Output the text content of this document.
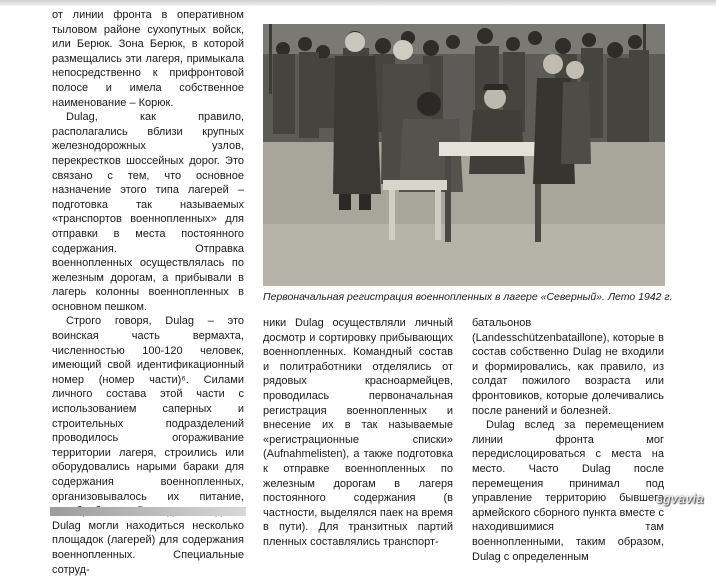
от линии фронта в оперативном тыловом районе сухопутных войск, или Берюк. Зона Берюк, в которой размещались эти лагеря, примыкала непосредственно к прифронтовой полосе и имела собственное наименование – Корюк.

Dulag, как правило, располагались вблизи крупных железнодорожных узлов, перекрестков шоссейных дорог. Это связано с тем, что основное назначение этого типа лагерей – подготовка так называемых «транспортов военнопленных» для отправки в места постоянного содержания. Отправка военнопленных осуществлялась по железным дорогам, а прибывали в лагерь колонны военнопленных в основном пешком.

Строго говоря, Dulag – это воинская часть вермахта, численностью 100-120 человек, имеющий свой идентификационный номер (номер части)⁶. Силами личного состава этой части с использованием саперных и строительных подразделений проводилось огораживание территории лагеря, строились или оборудовались нарыми бараки для содержания военнопленных, организовывалось их питание, Dulag могли находиться несколько площадок (лагерей) для содержания военнопленных. Специальные сотруд-

Первоначальная регистрация военнопленных в лагере «Северный». Лето 1942 г.

ники Dulag осуществляли личный досмотр и сортировку прибывающих военнопленных. Командный состав и политработники отделялись от рядовых красноармейцев, проводилась первоначальная регистрация военнопленных и внесение их в так называемые «регистрационные списки» (Aufnahmelisten), а также подготовка к отправке военнопленных по железным дорогам в лагеря постоянного содержания (в частности, выделялся паек на время в пути). Для транзитных партий пленных составлялись транспорт-

батальонов (Landesschützenbataillone), которые в состав собственно Dulag не входили и формировались, как правило, из солдат пожилого возраста или фронтовиков, которые долечивались после ранений и болезней.

Dulag вслед за перемещением линии фронта мог передислоцироваться с места на место. Часто Dulag после перемещения принимал под управление территорию бывшего армейского сборного пункта вместе с находившимися там военнопленными, таким образом, Dulag с определенным

sgvavia
